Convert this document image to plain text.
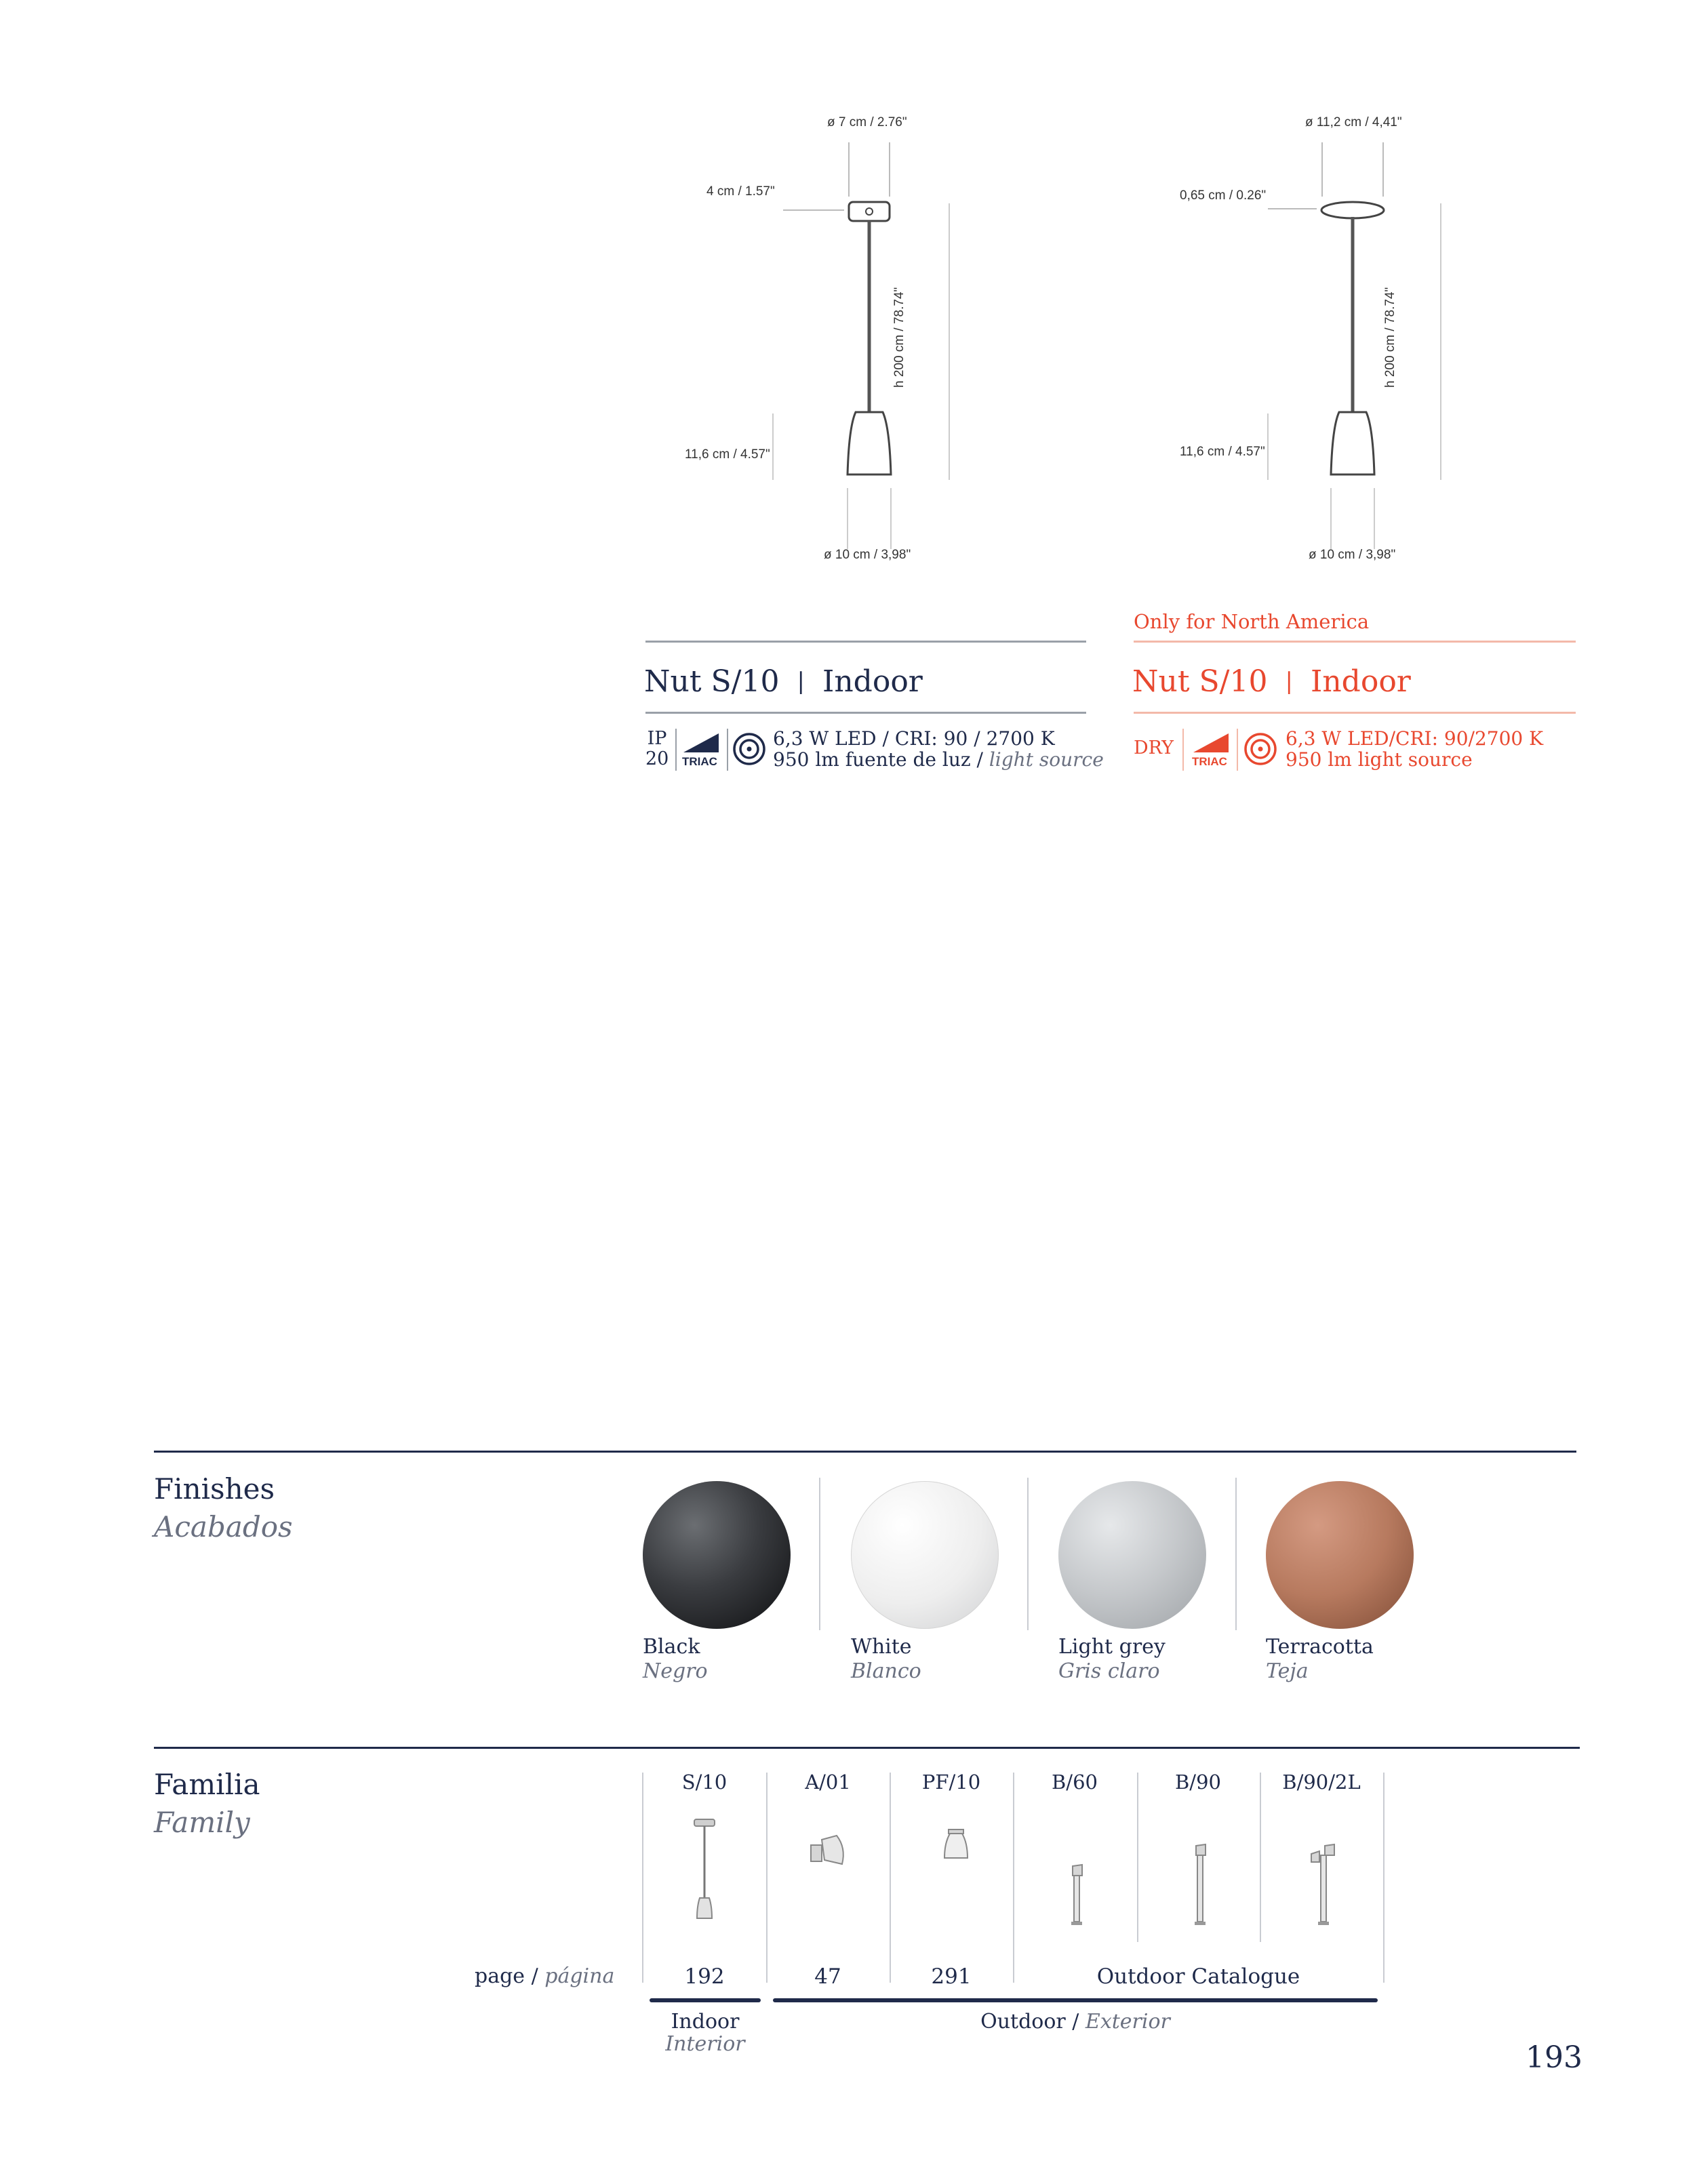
ø 7 cm / 2.76"
4 cm / 1.57"
h 200 cm / 78.74"
11,6 cm / 4.57"
ø 10 cm / 3,98"
ø 11,2 cm / 4,41"
0,65 cm / 0.26"
h 200 cm / 78.74"
11,6 cm / 4.57"
ø 10 cm / 3,98"
Nut S/10 | Indoor
IP
20 TRIAC
6,3 W LED / CRI: 90 / 2700 K
950 lm fuente de luz / light source
Only for North America
Nut S/10 | Indoor
DRY
TRIAC
6,3 W LED/CRI: 90/2700 K
950 lm light source
Finishes
Acabados
Black
Negro
White
Blanco
Light grey
Gris claro
Terracotta
Teja
Familia
Family
S/10	A/01	PF/10	B/60	B/90	B/90/2L
page / página	192	47	291	Outdoor Catalogue
Indoor
Interior
Outdoor / Exterior
193
